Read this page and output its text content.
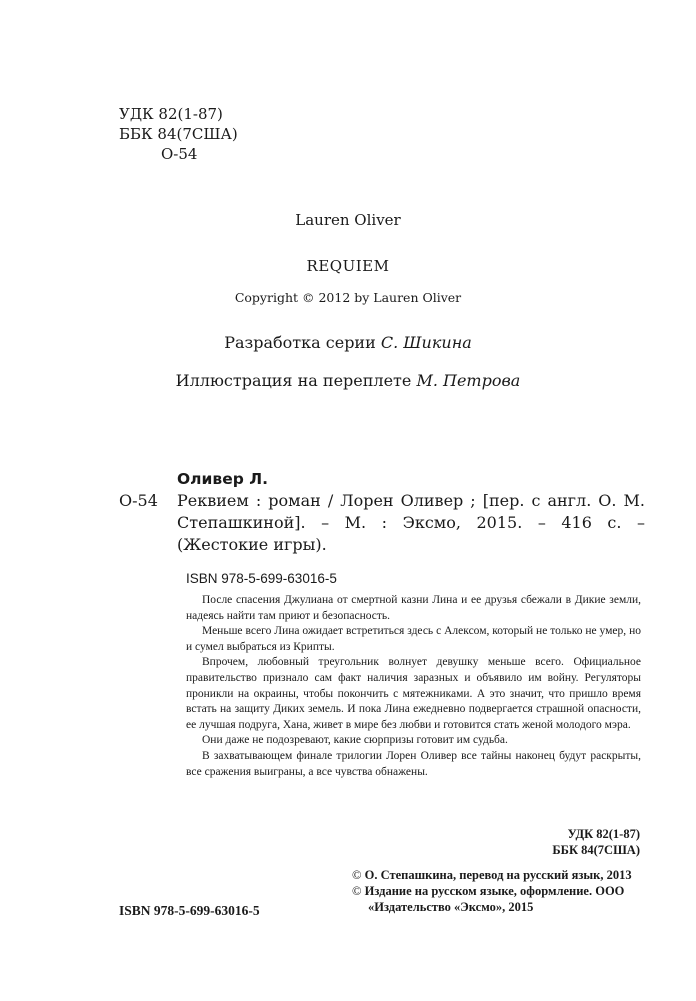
УДК 82(1-87)
ББК 84(7США)
О-54
Lauren Oliver
REQUIEM
Copyright © 2012 by Lauren Oliver
Разработка серии С. Шикина
Иллюстрация на переплете М. Петрова
Оливер Л.
О-54 Реквием : роман / Лорен Оливер ; [пер. с англ. О. М. Степашкиной]. – М. : Эксмо, 2015. – 416 с. – (Жестокие игры).
ISBN 978-5-699-63016-5

После спасения Джулиана от смертной казни Лина и ее друзья сбежали в Дикие земли, надеясь найти там приют и безопасность.

Меньше всего Лина ожидает встретиться здесь с Алексом, который не только не умер, но и сумел выбраться из Крипты.

Впрочем, любовный треугольник волнует девушку меньше всего. Официальное правительство признало сам факт наличия заразных и объявило им войну. Регуляторы проникли на окраины, чтобы покончить с мятежниками. А это значит, что пришло время встать на защиту Диких земель. И пока Лина ежедневно подвергается страшной опасности, ее лучшая подруга, Хана, живет в мире без любви и готовится стать женой молодого мэра.

Они даже не подозревают, какие сюрпризы готовит им судьба.

В захватывающем финале трилогии Лорен Оливер все тайны наконец будут раскрыты, все сражения выиграны, а все чувства обнажены.

УДК 82(1-87)
ББК 84(7США)

© О. Степашкина, перевод на русский язык, 2013

© Издание на русском языке, оформление. ООО «Издательство «Эксмо», 2015

ISBN 978-5-699-63016-5
